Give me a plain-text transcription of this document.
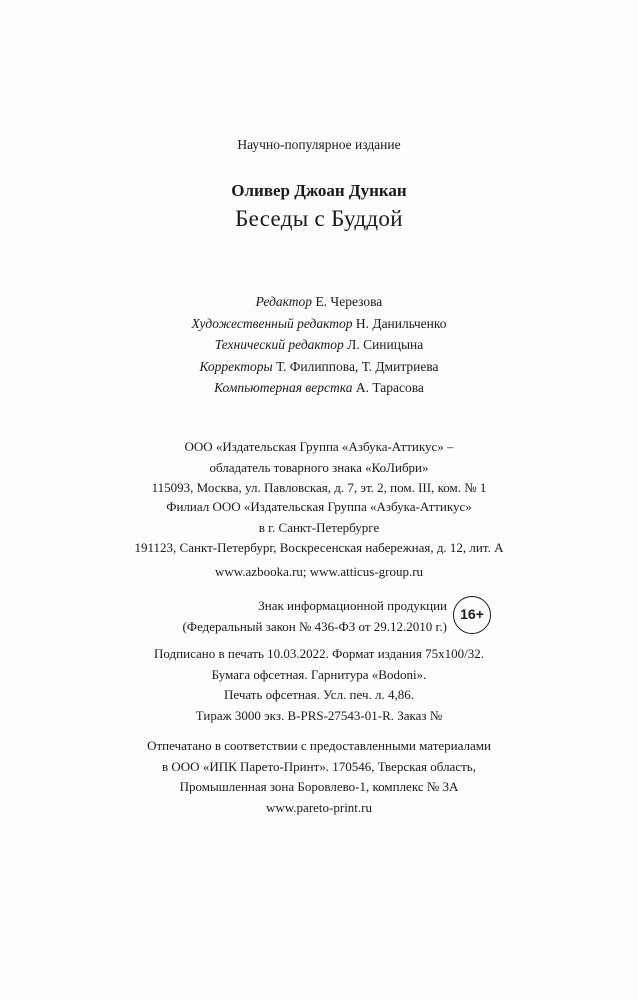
Научно-популярное издание
Оливер Джоан Дункан
Беседы с Буддой
Редактор Е. Черезова
Художественный редактор Н. Данильченко
Технический редактор Л. Синицына
Корректоры Т. Филиппова, Т. Дмитриева
Компьютерная верстка А. Тарасова
ООО «Издательская Группа «Азбука-Аттикус» –
обладатель товарного знака «КоЛибри»
115093, Москва, ул. Павловская, д. 7, эт. 2, пом. III, ком. № 1
Филиал ООО «Издательская Группа «Азбука-Аттикус»
в г. Санкт-Петербурге
191123, Санкт-Петербург, Воскресенская набережная, д. 12, лит. А
www.azbooka.ru; www.atticus-group.ru
Знак информационной продукции
(Федеральный закон № 436-ФЗ от 29.12.2010 г.)
16+
Подписано в печать 10.03.2022. Формат издания 75x100/32.
Бумага офсетная. Гарнитура «Bodoni».
Печать офсетная. Усл. печ. л. 4,86.
Тираж 3000 экз. B-PRS-27543-01-R. Заказ №
Отпечатано в соответствии с предоставленными материалами
в ООО «ИПК Парето-Принт». 170546, Тверская область,
Промышленная зона Боровлево-1, комплекс № 3А
www.pareto-print.ru
